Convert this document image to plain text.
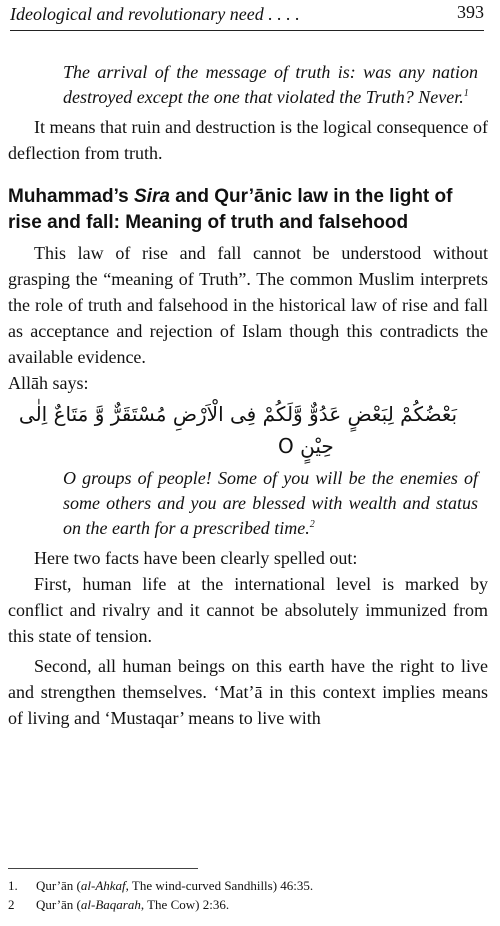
Ideological and revolutionary need . . . .	393

The arrival of the message of truth is: was any nation destroyed except the one that violated the Truth? Never.$^1$

It means that ruin and destruction is the logical consequence of deflection from truth.

Muhammad’s Sira and Qur’ānic law in the light of rise and fall: Meaning of truth and falsehood

This law of rise and fall cannot be understood without grasping the “meaning of Truth”. The common Muslim interprets the role of truth and falsehood in the historical law of rise and fall as acceptance and rejection of Islam though this contradicts the available evidence.

Allāh says:

بَعْضُكُمْ لِبَعْضٍ عَدُوٌّ وَّلَكُمْ فِى الْاَرْضِ مُسْتَقَرٌّ وَّ مَتَاعٌ اِلٰى
حِيْنٍ O

O groups of people! Some of you will be the enemies of some others and you are blessed with wealth and status on the earth for a prescribed time.$^2$

Here two facts have been clearly spelled out:

First, human life at the international level is marked by conflict and rivalry and it cannot be absolutely immunized from this state of tension.

Second, all human beings on this earth have the right to live and strengthen themselves. ‘Mat’ā in this context implies means of living and ‘Mustaqar’ means to live with

1. Qur’ān (al-Ahkaf, The wind-curved Sandhills) 46:35.
2 Qur’ān (al-Baqarah, The Cow) 2:36.
